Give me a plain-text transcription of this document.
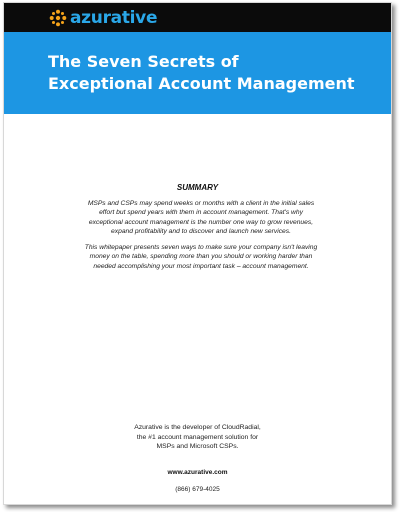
azurative
The Seven Secrets of
Exceptional Account Management
SUMMARY

MSPs and CSPs may spend weeks or months with a client in the initial sales
effort but spend years with them in account management. That's why
exceptional account management is the number one way to grow revenues,
expand profitability and to discover and launch new services.

This whitepaper presents seven ways to make sure your company isn't leaving
money on the table, spending more than you should or working harder than
needed accomplishing your most important task – account management.

Azurative is the developer of CloudRadial,
the #1 account management solution for
MSPs and Microsoft CSPs.
www.azurative.com
(866) 679-4025
